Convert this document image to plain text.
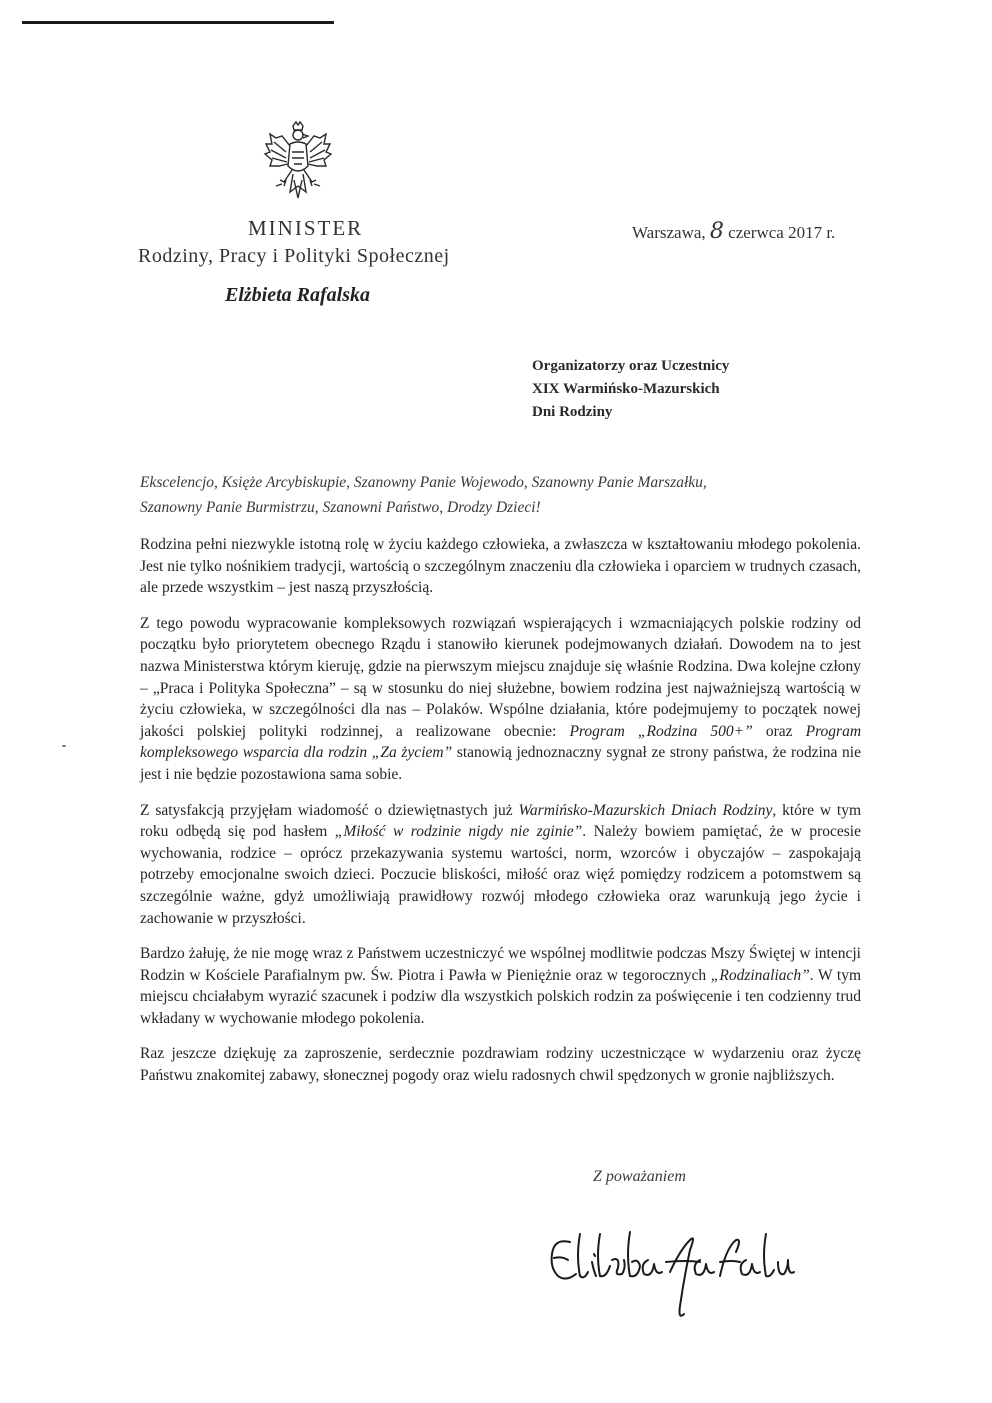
MINISTER
Rodziny, Pracy i Polityki Społecznej
Elżbieta Rafalska
Warszawa, 8 czerwca 2017 r.
Organizatorzy oraz Uczestnicy
XIX Warmińsko-Mazurskich
Dni Rodziny
Ekscelencjo, Księże Arcybiskupie, Szanowny Panie Wojewodo, Szanowny Panie Marszałku,
Szanowny Panie Burmistrzu, Szanowni Państwo, Drodzy Dzieci!

Rodzina pełni niezwykle istotną rolę w życiu każdego człowieka, a zwłaszcza w kształtowaniu młodego pokolenia. Jest nie tylko nośnikiem tradycji, wartością o szczególnym znaczeniu dla człowieka i oparciem w trudnych czasach, ale przede wszystkim – jest naszą przyszłością.

Z tego powodu wypracowanie kompleksowych rozwiązań wspierających i wzmacniających polskie rodziny od początku było priorytetem obecnego Rządu i stanowiło kierunek podejmowanych działań. Dowodem na to jest nazwa Ministerstwa którym kieruję, gdzie na pierwszym miejscu znajduje się właśnie Rodzina. Dwa kolejne człony – „Praca i Polityka Społeczna” – są w stosunku do niej służebne, bowiem rodzina jest najważniejszą wartością w życiu człowieka, w szczególności dla nas – Polaków. Wspólne działania, które podejmujemy to początek nowej jakości polskiej polityki rodzinnej, a realizowane obecnie: Program „Rodzina 500+” oraz Program kompleksowego wsparcia dla rodzin „Za życiem” stanowią jednoznaczny sygnał ze strony państwa, że rodzina nie jest i nie będzie pozostawiona sama sobie.

Z satysfakcją przyjęłam wiadomość o dziewiętnastych już Warmińsko-Mazurskich Dniach Rodziny, które w tym roku odbędą się pod hasłem „Miłość w rodzinie nigdy nie zginie”. Należy bowiem pamiętać, że w procesie wychowania, rodzice – oprócz przekazywania systemu wartości, norm, wzorców i obyczajów – zaspokajają potrzeby emocjonalne swoich dzieci. Poczucie bliskości, miłość oraz więź pomiędzy rodzicem a potomstwem są szczególnie ważne, gdyż umożliwiają prawidłowy rozwój młodego człowieka oraz warunkują jego życie i zachowanie w przyszłości.

Bardzo żałuję, że nie mogę wraz z Państwem uczestniczyć we wspólnej modlitwie podczas Mszy Świętej w intencji Rodzin w Kościele Parafialnym pw. Św. Piotra i Pawła w Pieniężnie oraz w tegorocznych „Rodzinaliach”. W tym miejscu chciałabym wyrazić szacunek i podziw dla wszystkich polskich rodzin za poświęcenie i ten codzienny trud wkładany w wychowanie młodego pokolenia.

Raz jeszcze dziękuję za zaproszenie, serdecznie pozdrawiam rodziny uczestniczące w wydarzeniu oraz życzę Państwu znakomitej zabawy, słonecznej pogody oraz wielu radosnych chwil spędzonych w gronie najbliższych.

Z poważaniem
